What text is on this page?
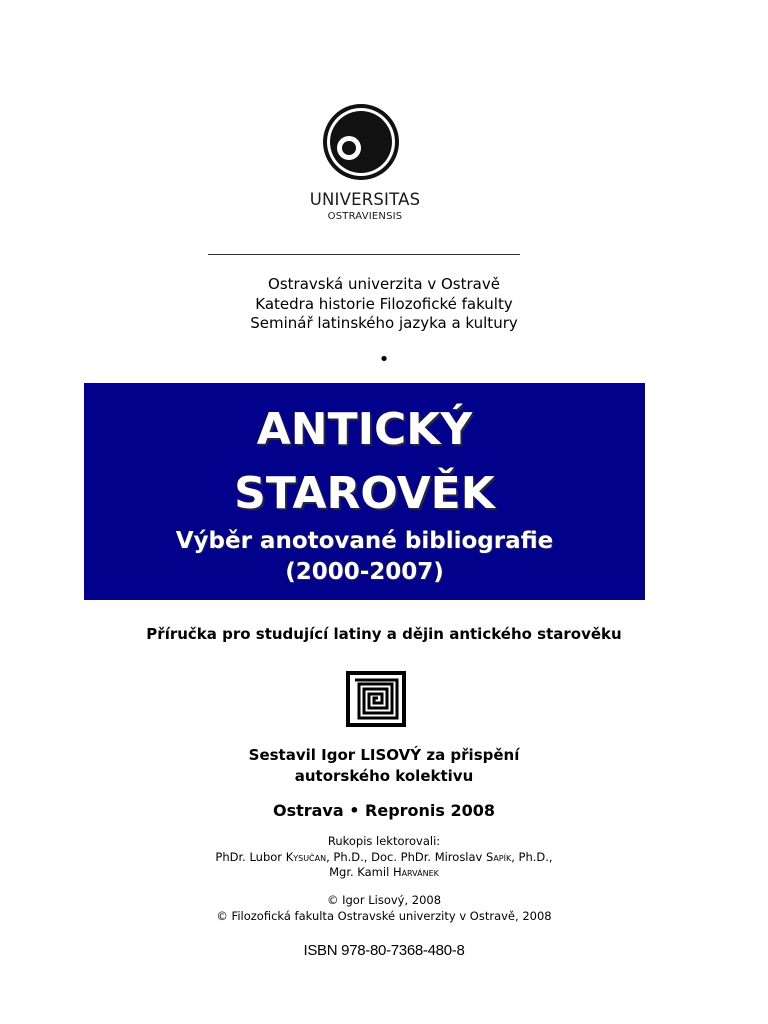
UNIVERSITAS
OSTRAVIENSIS
Ostravská univerzita v Ostravě
Katedra historie Filozofické fakulty
Seminář latinského jazyka a kultury
•
ANTICKÝ
STAROVĚK
Výběr anotované bibliografie
(2000-2007)
Příručka pro studující latiny a dějin antického starověku
Sestavil Igor LISOVÝ za přispění
autorského kolektivu
Ostrava • Repronis 2008
Rukopis lektorovali:
PhDr. Lubor Kysučan, Ph.D., Doc. PhDr. Miroslav Sapík, Ph.D.,
Mgr. Kamil Harvánek
© Igor Lisový, 2008
© Filozofická fakulta Ostravské univerzity v Ostravě, 2008
ISBN 978-80-7368-480-8
